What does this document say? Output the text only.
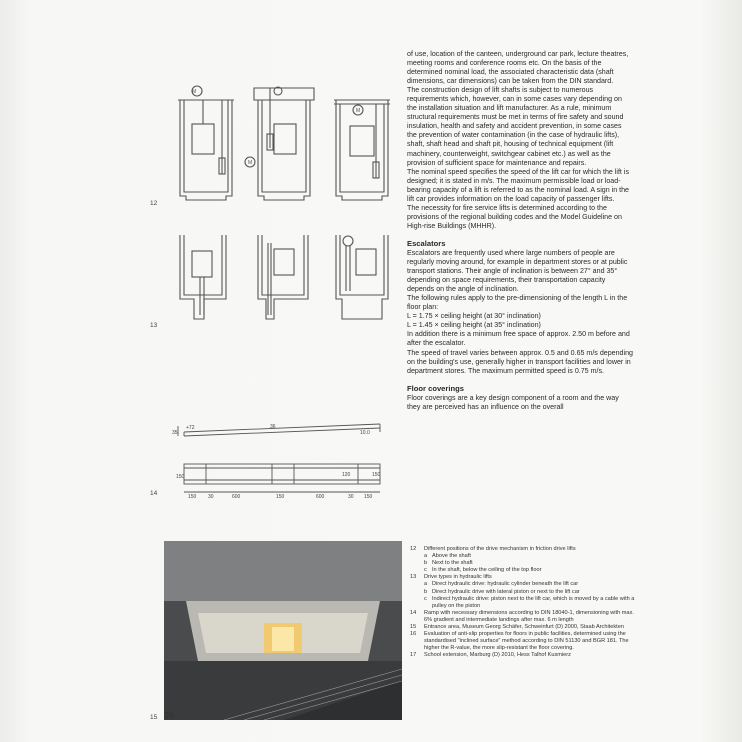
M
M
M
12
13
+72	36
10.0
35
150	120	150
150 30	600	150	600	30 150
14
15

of use, location of the canteen, underground car park, lecture theatres, meeting rooms and conference rooms etc. On the basis of the determined nominal load, the associated characteristic data (shaft dimensions, car dimensions) can be taken from the DIN standard.

The construction design of lift shafts is subject to numerous requirements which, however, can in some cases vary depending on the installation situation and lift manufacturer. As a rule, minimum structural requirements must be met in terms of fire safety and sound insulation, health and safety and accident prevention, in some cases the prevention of water contamination (in the case of hydraulic lifts), shaft, shaft head and shaft pit, housing of technical equipment (lift machinery, counterweight, switchgear cabinet etc.) as well as the provision of sufficient space for maintenance and repairs.

The nominal speed specifies the speed of the lift car for which the lift is designed; it is stated in m/s. The maximum permissible load or load-bearing capacity of a lift is referred to as the nominal load. A sign in the lift car provides information on the load capacity of passenger lifts.

The necessity for fire service lifts is determined according to the provisions of the regional building codes and the Model Guideline on High-rise Buildings (MHHR).

Escalators

Escalators are frequently used where large numbers of people are regularly moving around, for example in department stores or at public transport stations. Their angle of inclination is between 27° and 35° depending on space requirements, their transportation capacity depends on the angle of inclination.

The following rules apply to the pre-dimensioning of the length L in the floor plan:

L = 1.75 × ceiling height (at 30° inclination)

L = 1.45 × ceiling height (at 35° inclination)

In addition there is a minimum free space of approx. 2.50 m before and after the escalator.

The speed of travel varies between approx. 0.5 and 0.65 m/s depending on the building's use, generally higher in transport facilities and lower in department stores. The maximum permitted speed is 0.75 m/s.

Floor coverings

Floor coverings are a key design component of a room and the way they are perceived has an influence on the overall

12 Different positions of the drive mechanism in friction drive lifts
a Above the shaft
b Next to the shaft
c In the shaft, below the ceiling of the top floor
13 Drive types in hydraulic lifts
a Direct hydraulic drive: hydraulic cylinder beneath the lift car
b Direct hydraulic drive with lateral piston or next to the lift car
c Indirect hydraulic drive: piston next to the lift car, which is moved by a cable with a pulley on the piston
14 Ramp with necessary dimensions according to DIN 18040-1, dimensioning with max. 6% gradient and intermediate landings after max. 6 m length
15 Entrance area, Museum Georg Schäfer, Schweinfurt (D) 2000, Staab Architekten
16 Evaluation of anti-slip properties for floors in public facilities, determined using the standardised "inclined surface" method according to DIN 51130 and BGR 181. The higher the R-value, the more slip-resistant the floor covering.
17 School extension, Marburg (D) 2010, Hess Talhof Kusmierz
26
